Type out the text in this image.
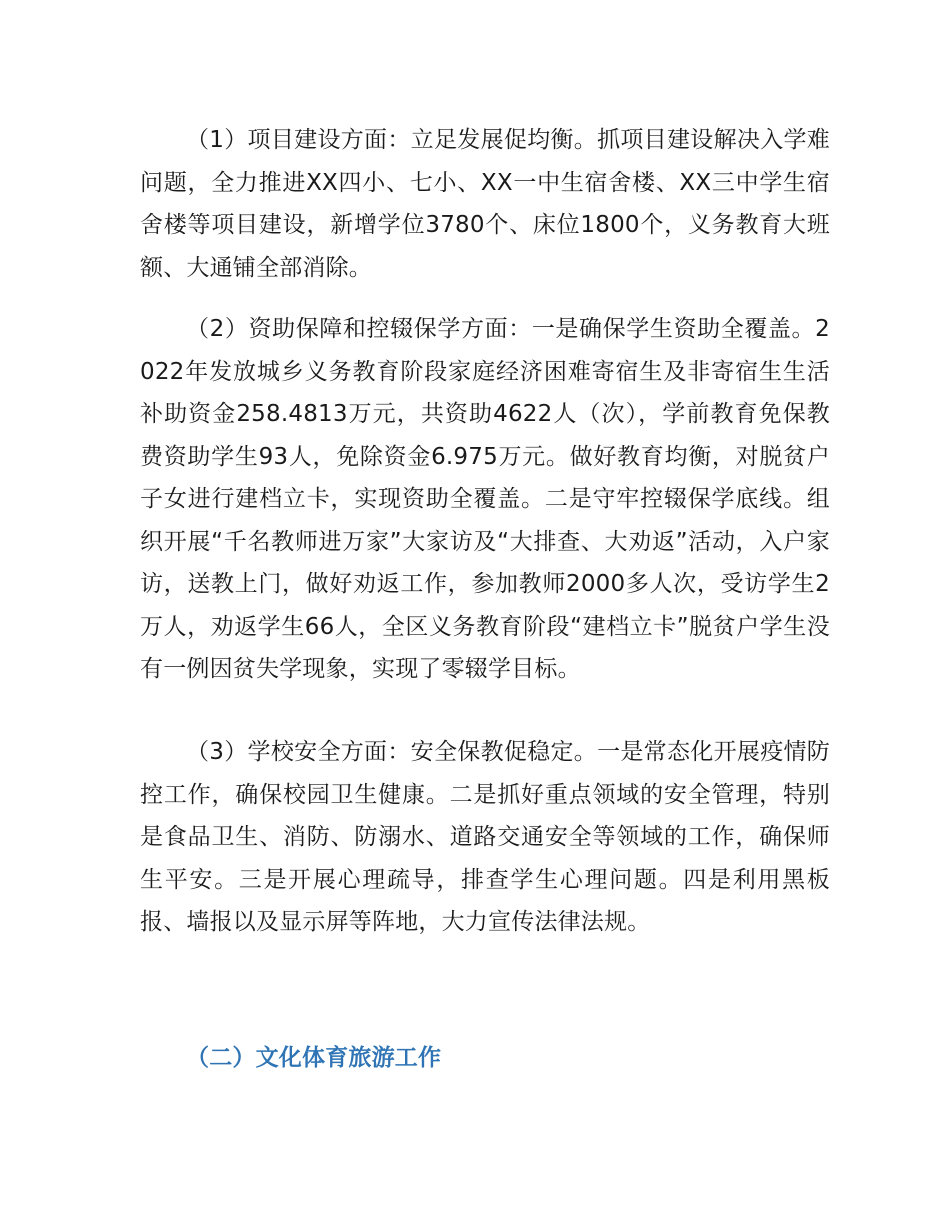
（1）项目建设方面：立足发展促均衡。抓项目建设解决入学难问题，全力推进XX四小、七小、XX一中生宿舍楼、XX三中学生宿舍楼等项目建设，新增学位3780个、床位1800个，义务教育大班额、大通铺全部消除。

（2）资助保障和控辍保学方面：一是确保学生资助全覆盖。2022年发放城乡义务教育阶段家庭经济困难寄宿生及非寄宿生生活补助资金258.4813万元，共资助4622人（次），学前教育免保教费资助学生93人，免除资金6.975万元。做好教育均衡，对脱贫户子女进行建档立卡，实现资助全覆盖。二是守牢控辍保学底线。组织开展“千名教师进万家”大家访及“大排查、大劝返”活动，入户家访，送教上门，做好劝返工作，参加教师2000多人次，受访学生2万人，劝返学生66人，全区义务教育阶段“建档立卡”脱贫户学生没有一例因贫失学现象，实现了零辍学目标。

（3）学校安全方面：安全保教促稳定。一是常态化开展疫情防控工作，确保校园卫生健康。二是抓好重点领域的安全管理，特别是食品卫生、消防、防溺水、道路交通安全等领域的工作，确保师生平安。三是开展心理疏导，排查学生心理问题。四是利用黑板报、墙报以及显示屏等阵地，大力宣传法律法规。

（二）文化体育旅游工作
